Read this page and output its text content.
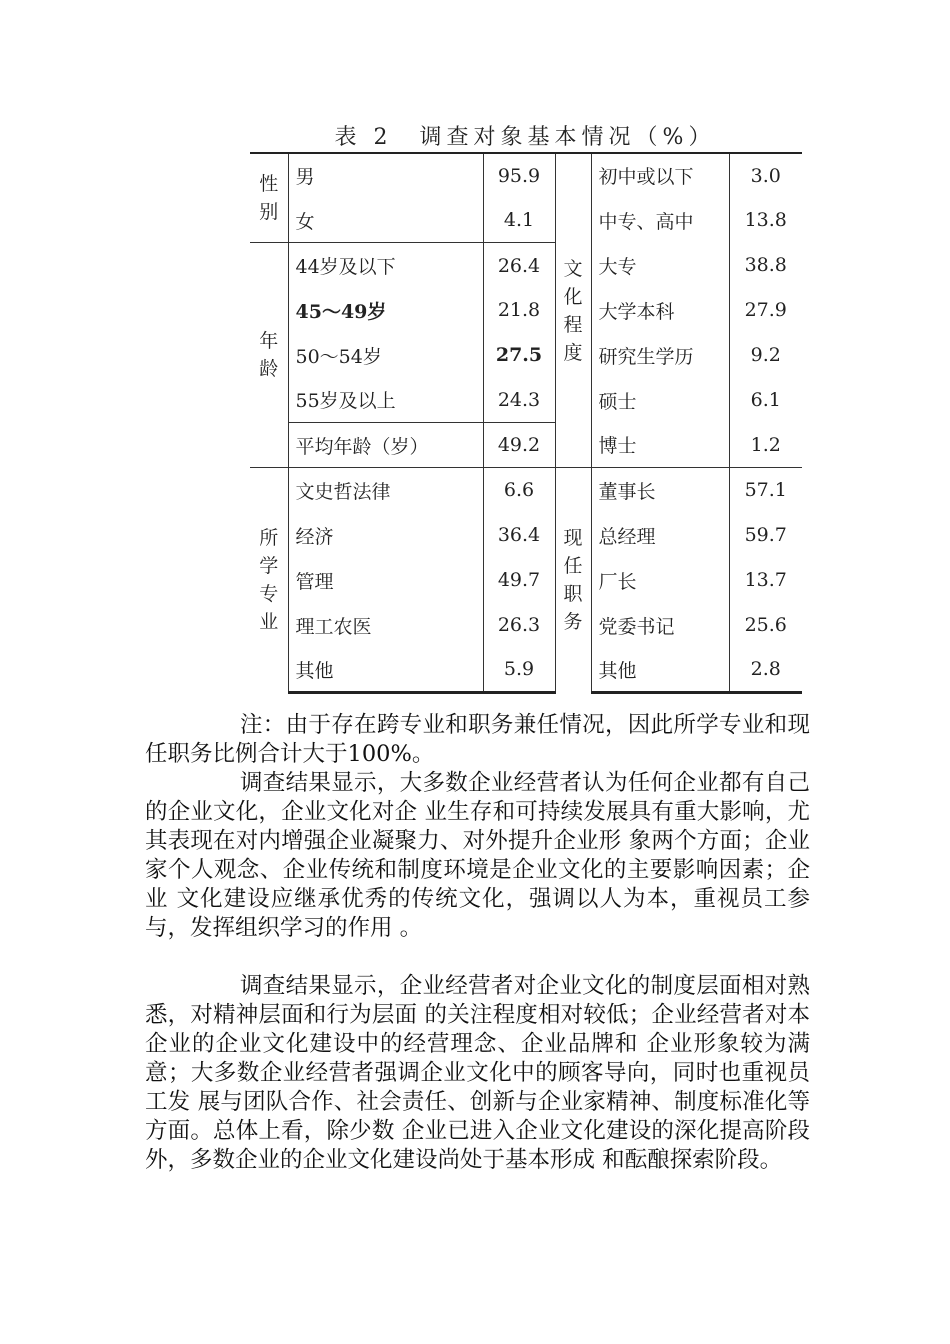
表 2　调查对象基本情况（%）
性别	男	95.9	文化程度	初中或以下	3.0
	女	4.1		中专、高中	13.8
年龄	44岁及以下	26.4		大专	38.8
	45～49岁	21.8		大学本科	27.9
	50～54岁	27.5		研究生学历	9.2
	55岁及以上	24.3		硕士	6.1
	平均年龄（岁）	49.2		博士	1.2
所学专业	文史哲法律	6.6	现任职务	董事长	57.1
	经济	36.4		总经理	59.7
	管理	49.7		厂长	13.7
	理工农医	26.3		党委书记	25.6
	其他	5.9		其他	2.8

注：由于存在跨专业和职务兼任情况，因此所学专业和现任职务比例合计大于100%。

调查结果显示，大多数企业经营者认为任何企业都有自己的企业文化，企业文化对企 业生存和可持续发展具有重大影响，尤其表现在对内增强企业凝聚力、对外提升企业形 象两个方面；企业家个人观念、企业传统和制度环境是企业文化的主要影响因素；企业 文化建设应继承优秀的传统文化，强调以人为本，重视员工参与，发挥组织学习的作用 。

调查结果显示，企业经营者对企业文化的制度层面相对熟悉，对精神层面和行为层面 的关注程度相对较低；企业经营者对本企业的企业文化建设中的经营理念、企业品牌和 企业形象较为满意；大多数企业经营者强调企业文化中的顾客导向，同时也重视员工发 展与团队合作、社会责任、创新与企业家精神、制度标准化等方面。总体上看，除少数 企业已进入企业文化建设的深化提高阶段外，多数企业的企业文化建设尚处于基本形成 和酝酿探索阶段。
